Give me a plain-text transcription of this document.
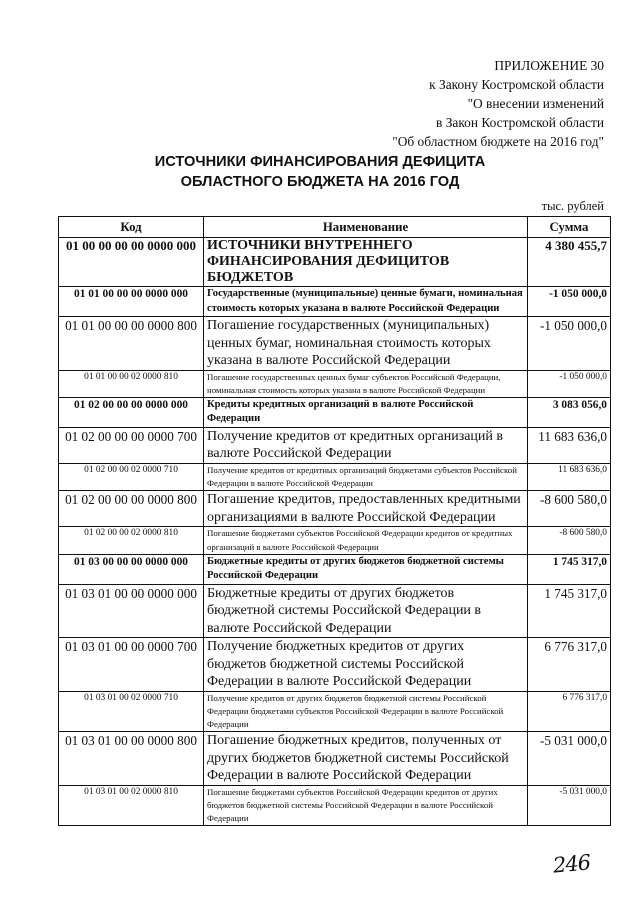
ПРИЛОЖЕНИЕ 30
к Закону Костромской области
"О внесении изменений
в Закон Костромской области
"Об областном бюджете на 2016 год"
ИСТОЧНИКИ ФИНАНСИРОВАНИЯ ДЕФИЦИТА
ОБЛАСТНОГО БЮДЖЕТА НА 2016 ГОД
тыс. рублей
Код	Наименование	Сумма
01 00 00 00 00 0000 000	ИСТОЧНИКИ ВНУТРЕННЕГО ФИНАНСИРОВАНИЯ ДЕФИЦИТОВ БЮДЖЕТОВ	4 380 455,7
01 01 00 00 00 0000 000	Государственные (муниципальные) ценные бумаги, номинальная стоимость которых указана в валюте Российской Федерации	-1 050 000,0
01 01 00 00 00 0000 800	Погашение государственных (муниципальных) ценных бумаг, номинальная стоимость которых указана в валюте Российской Федерации	-1 050 000,0
01 01 00 00 02 0000 810	Погашение государственных ценных бумаг субъектов Российской Федерации, номинальная стоимость которых указана в валюте Российской Федерации	-1 050 000,0
01 02 00 00 00 0000 000	Кредиты кредитных организаций в валюте Российской Федерации	3 083 056,0
01 02 00 00 00 0000 700	Получение кредитов от кредитных организаций в валюте Российской Федерации	11 683 636,0
01 02 00 00 02 0000 710	Получение кредитов от кредитных организаций бюджетами субъектов Российской Федерации в валюте Российской Федерации	11 683 636,0
01 02 00 00 00 0000 800	Погашение кредитов, предоставленных кредитными организациями в валюте Российской Федерации	-8 600 580,0
01 02 00 00 02 0000 810	Погашение бюджетами субъектов Российской Федерации кредитов от кредитных организаций в валюте Российской Федерации	-8 600 580,0
01 03 00 00 00 0000 000	Бюджетные кредиты от других бюджетов бюджетной системы Российской Федерации	1 745 317,0
01 03 01 00 00 0000 000	Бюджетные кредиты от других бюджетов бюджетной системы Российской Федерации в валюте Российской Федерации	1 745 317,0
01 03 01 00 00 0000 700	Получение бюджетных кредитов от других бюджетов бюджетной системы Российской Федерации в валюте Российской Федерации	6 776 317,0
01 03 01 00 02 0000 710	Получение кредитов от других бюджетов бюджетной системы Российской Федерации бюджетами субъектов Российской Федерации в валюте Российской Федерации	6 776 317,0
01 03 01 00 00 0000 800	Погашение бюджетных кредитов, полученных от других бюджетов бюджетной системы Российской Федерации в валюте Российской Федерации	-5 031 000,0
01 03 01 00 02 0000 810	Погашение бюджетами субъектов Российской Федерации кредитов от других бюджетов бюджетной системы Российской Федерации в валюте Российской Федерации	-5 031 000,0
246
